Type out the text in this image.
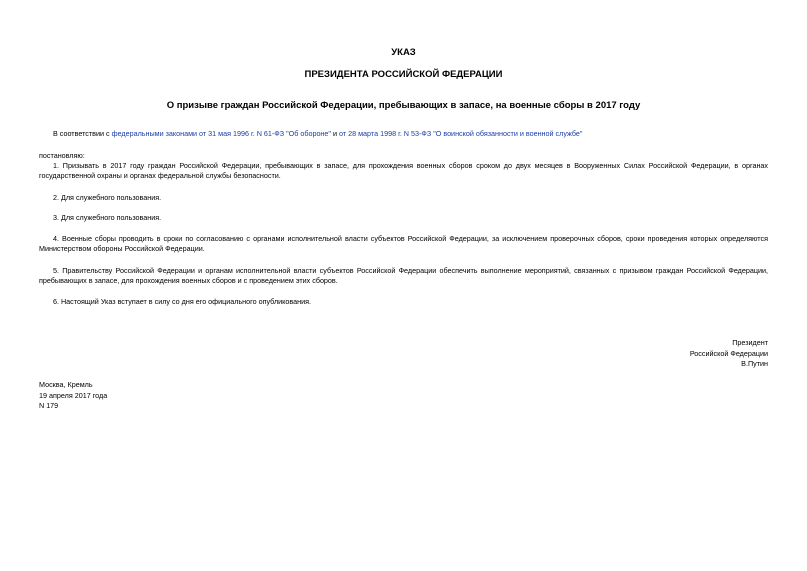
УКАЗ
ПРЕЗИДЕНТА РОССИЙСКОЙ ФЕДЕРАЦИИ
О призыве граждан Российской Федерации, пребывающих в запасе, на военные сборы в 2017 году
В соответствии с федеральными законами от 31 мая 1996 г. N 61-ФЗ "Об обороне" и от 28 марта 1998 г. N 53-ФЗ "О воинской обязанности и военной службе"
постановляю:
1. Призывать в 2017 году граждан Российской Федерации, пребывающих в запасе, для прохождения военных сборов сроком до двух месяцев в Вооруженных Силах Российской Федерации, в органах государственной охраны и органах федеральной службы безопасности.
2. Для служебного пользования.
3. Для служебного пользования.
4. Военные сборы проводить в сроки по согласованию с органами исполнительной власти субъектов Российской Федерации, за исключением проверочных сборов, сроки проведения которых определяются Министерством обороны Российской Федерации.
5. Правительству Российской Федерации и органам исполнительной власти субъектов Российской Федерации обеспечить выполнение мероприятий, связанных с призывом граждан Российской Федерации, пребывающих в запасе, для прохождения военных сборов и с проведением этих сборов.
6. Настоящий Указ вступает в силу со дня его официального опубликования.
Президент
Российской Федерации
В.Путин
Москва, Кремль
19 апреля 2017 года
N 179
